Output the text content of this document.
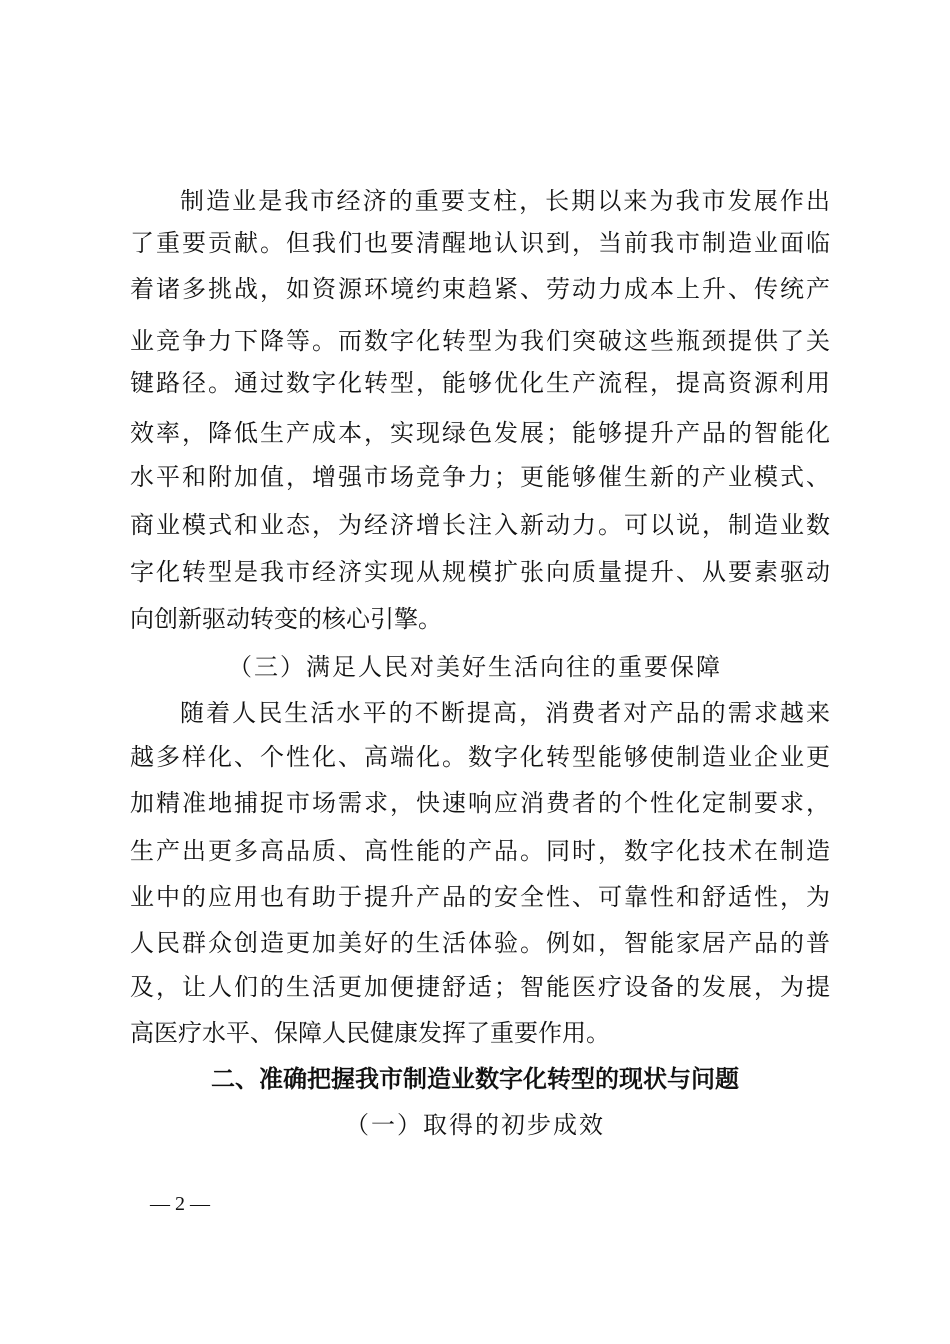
制造业是我市经济的重要支柱，长期以来为我市发展作出
了重要贡献。但我们也要清醒地认识到，当前我市制造业面临
着诸多挑战，如资源环境约束趋紧、劳动力成本上升、传统产
业竞争力下降等。而数字化转型为我们突破这些瓶颈提供了关
键路径。通过数字化转型，能够优化生产流程，提高资源利用
效率，降低生产成本，实现绿色发展；能够提升产品的智能化
水平和附加值，增强市场竞争力；更能够催生新的产业模式、
商业模式和业态，为经济增长注入新动力。可以说，制造业数
字化转型是我市经济实现从规模扩张向质量提升、从要素驱动
向创新驱动转变的核心引擎。
（三）满足人民对美好生活向往的重要保障
随着人民生活水平的不断提高，消费者对产品的需求越来
越多样化、个性化、高端化。数字化转型能够使制造业企业更
加精准地捕捉市场需求，快速响应消费者的个性化定制要求，
生产出更多高品质、高性能的产品。同时，数字化技术在制造
业中的应用也有助于提升产品的安全性、可靠性和舒适性，为
人民群众创造更加美好的生活体验。例如，智能家居产品的普
及，让人们的生活更加便捷舒适；智能医疗设备的发展，为提
高医疗水平、保障人民健康发挥了重要作用。
二、准确把握我市制造业数字化转型的现状与问题
（一）取得的初步成效
— 2 —
